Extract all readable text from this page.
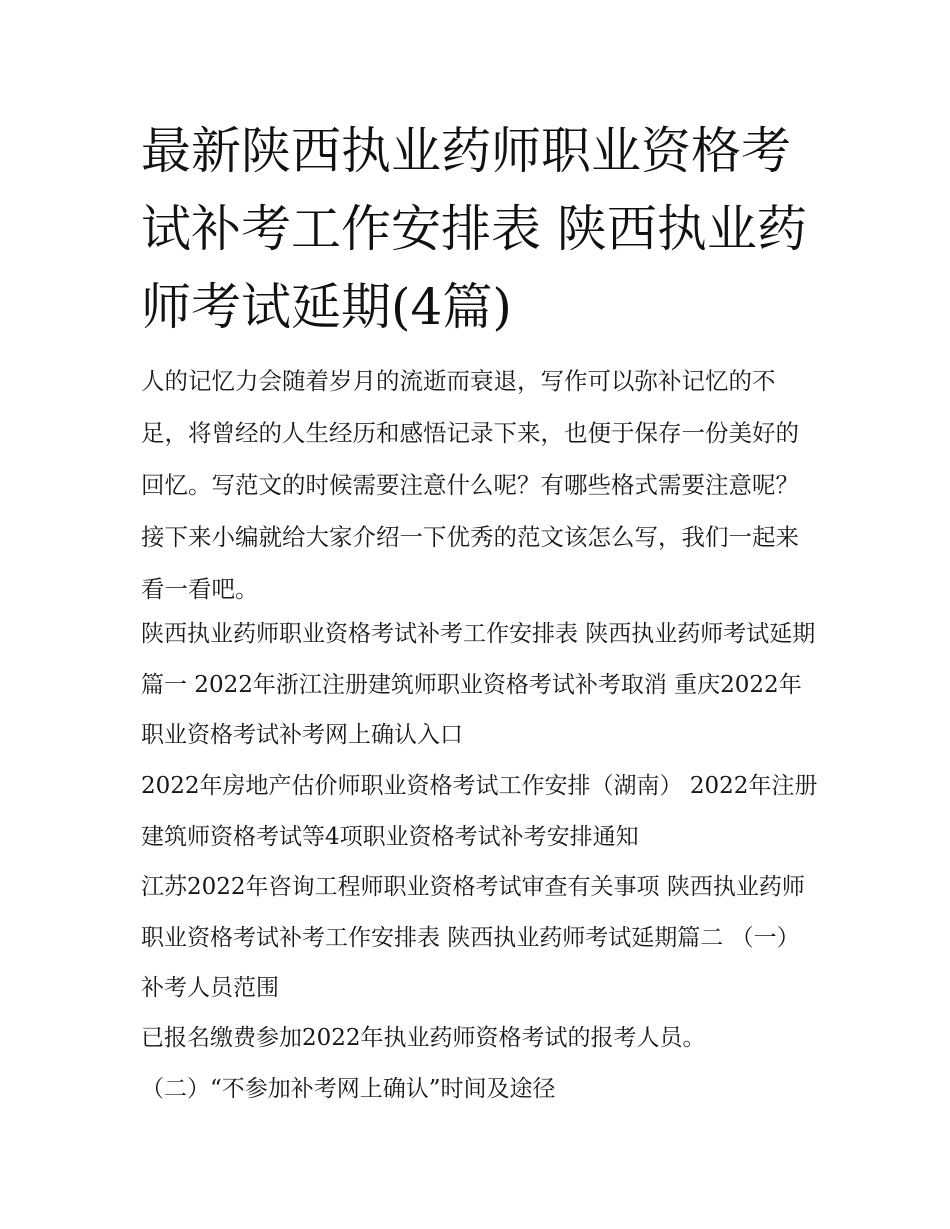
最新陕西执业药师职业资格考试补考工作安排表 陕西执业药师考试延期(4篇)

人的记忆力会随着岁月的流逝而衰退，写作可以弥补记忆的不足，将曾经的人生经历和感悟记录下来，也便于保存一份美好的回忆。写范文的时候需要注意什么呢？有哪些格式需要注意呢？接下来小编就给大家介绍一下优秀的范文该怎么写，我们一起来看一看吧。

陕西执业药师职业资格考试补考工作安排表 陕西执业药师考试延期篇一 2022年浙江注册建筑师职业资格考试补考取消 重庆2022年职业资格考试补考网上确认入口

2022年房地产估价师职业资格考试工作安排（湖南） 2022年注册建筑师资格考试等4项职业资格考试补考安排通知

江苏2022年咨询工程师职业资格考试审查有关事项 陕西执业药师职业资格考试补考工作安排表 陕西执业药师考试延期篇二 （一）补考人员范围

已报名缴费参加2022年执业药师资格考试的报考人员。

（二）“不参加补考网上确认”时间及途径
